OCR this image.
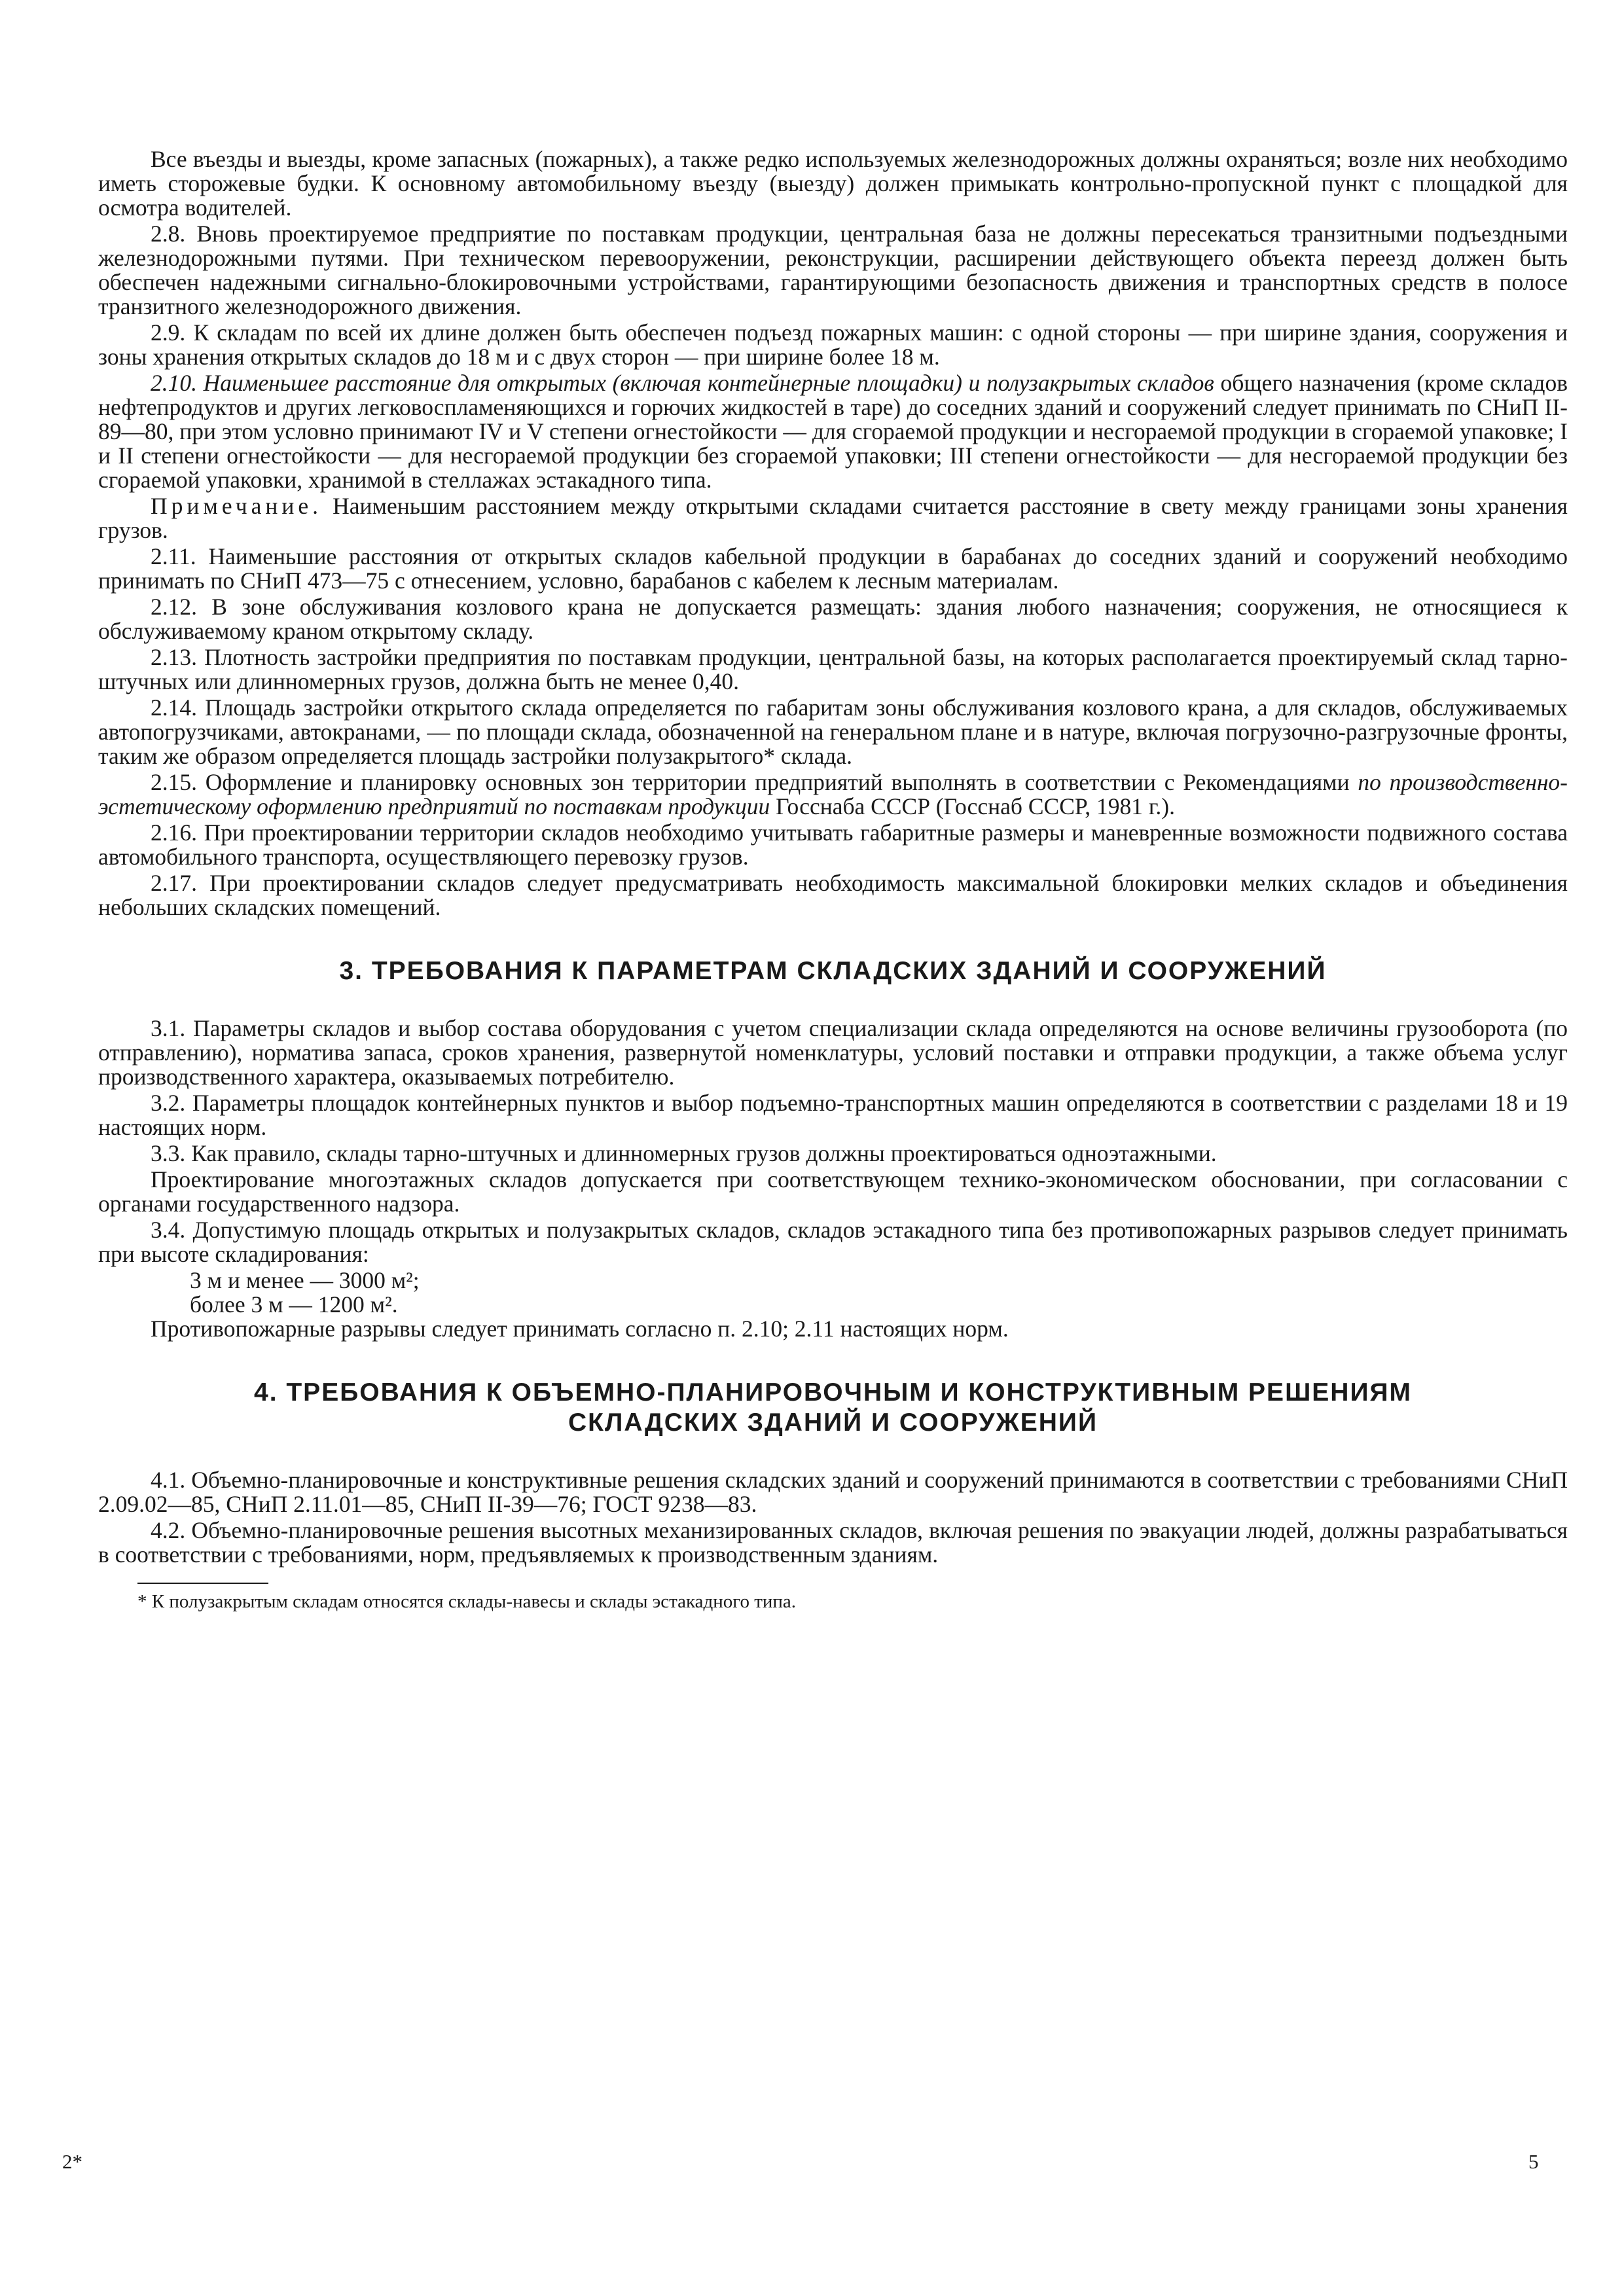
Все въезды и выезды, кроме запасных (пожарных), а также редко используемых железнодорожных должны охраняться; возле них необходимо иметь сторожевые будки. К основному автомобильному въезду (выезду) должен примыкать контрольно-пропускной пункт с площадкой для осмотра водителей.

2.8. Вновь проектируемое предприятие по поставкам продукции, центральная база не должны пересекаться транзитными подъездными железнодорожными путями. При техническом перевооружении, реконструкции, расширении действующего объекта переезд должен быть обеспечен надежными сигнально-блокировочными устройствами, гарантирующими безопасность движения и транспортных средств в полосе транзитного железнодорожного движения.

2.9. К складам по всей их длине должен быть обеспечен подъезд пожарных машин: с одной стороны — при ширине здания, сооружения и зоны хранения открытых складов до 18 м и с двух сторон — при ширине более 18 м.

2.10. Наименьшее расстояние для открытых (включая контейнерные площадки) и полузакрытых складов общего назначения (кроме складов нефтепродуктов и других легковоспламеняющихся и горючих жидкостей в таре) до соседних зданий и сооружений следует принимать по СНиП II-89—80, при этом условно принимают IV и V степени огнестойкости — для сгораемой продукции и несгораемой продукции в сгораемой упаковке; I и II степени огнестойкости — для несгораемой продукции без сгораемой упаковки; III степени огнестойкости — для несгораемой продукции без сгораемой упаковки, хранимой в стеллажах эстакадного типа.

Примечание. Наименьшим расстоянием между открытыми складами считается расстояние в свету между границами зоны хранения грузов.

2.11. Наименьшие расстояния от открытых складов кабельной продукции в барабанах до соседних зданий и сооружений необходимо принимать по СНиП 473—75 с отнесением, условно, барабанов с кабелем к лесным материалам.

2.12. В зоне обслуживания козлового крана не допускается размещать: здания любого назначения; сооружения, не относящиеся к обслуживаемому краном открытому складу.

2.13. Плотность застройки предприятия по поставкам продукции, центральной базы, на которых располагается проектируемый склад тарно-штучных или длинномерных грузов, должна быть не менее 0,40.

2.14. Площадь застройки открытого склада определяется по габаритам зоны обслуживания козлового крана, а для складов, обслуживаемых автопогрузчиками, автокранами, — по площади склада, обозначенной на генеральном плане и в натуре, включая погрузочно-разгрузочные фронты, таким же образом определяется площадь застройки полузакрытого* склада.

2.15. Оформление и планировку основных зон территории предприятий выполнять в соответствии с Рекомендациями по производственно-эстетическому оформлению предприятий по поставкам продукции Госснаба СССР (Госснаб СССР, 1981 г.).

2.16. При проектировании территории складов необходимо учитывать габаритные размеры и маневренные возможности подвижного состава автомобильного транспорта, осуществляющего перевозку грузов.

2.17. При проектировании складов следует предусматривать необходимость максимальной блокировки мелких складов и объединения небольших складских помещений.

3. ТРЕБОВАНИЯ К ПАРАМЕТРАМ СКЛАДСКИХ ЗДАНИЙ И СООРУЖЕНИЙ

3.1. Параметры складов и выбор состава оборудования с учетом специализации склада определяются на основе величины грузооборота (по отправлению), норматива запаса, сроков хранения, развернутой номенклатуры, условий поставки и отправки продукции, а также объема услуг производственного характера, оказываемых потребителю.

3.2. Параметры площадок контейнерных пунктов и выбор подъемно-транспортных машин определяются в соответствии с разделами 18 и 19 настоящих норм.

3.3. Как правило, склады тарно-штучных и длинномерных грузов должны проектироваться одноэтажными.

Проектирование многоэтажных складов допускается при соответствующем технико-экономическом обосновании, при согласовании с органами государственного надзора.

3.4. Допустимую площадь открытых и полузакрытых складов, складов эстакадного типа без противопожарных разрывов следует принимать при высоте складирования:

3 м и менее — 3000 м²;

более 3 м — 1200 м².

Противопожарные разрывы следует принимать согласно п. 2.10; 2.11 настоящих норм.

4. ТРЕБОВАНИЯ К ОБЪЕМНО-ПЛАНИРОВОЧНЫМ И КОНСТРУКТИВНЫМ РЕШЕНИЯМ
СКЛАДСКИХ ЗДАНИЙ И СООРУЖЕНИЙ

4.1. Объемно-планировочные и конструктивные решения складских зданий и сооружений принимаются в соответствии с требованиями СНиП 2.09.02—85, СНиП 2.11.01—85, СНиП II-39—76; ГОСТ 9238—83.

4.2. Объемно-планировочные решения высотных механизированных складов, включая решения по эвакуации людей, должны разрабатываться в соответствии с требованиями, норм, предъявляемых к производственным зданиям.

* К полузакрытым складам относятся склады-навесы и склады эстакадного типа.
2*	5
